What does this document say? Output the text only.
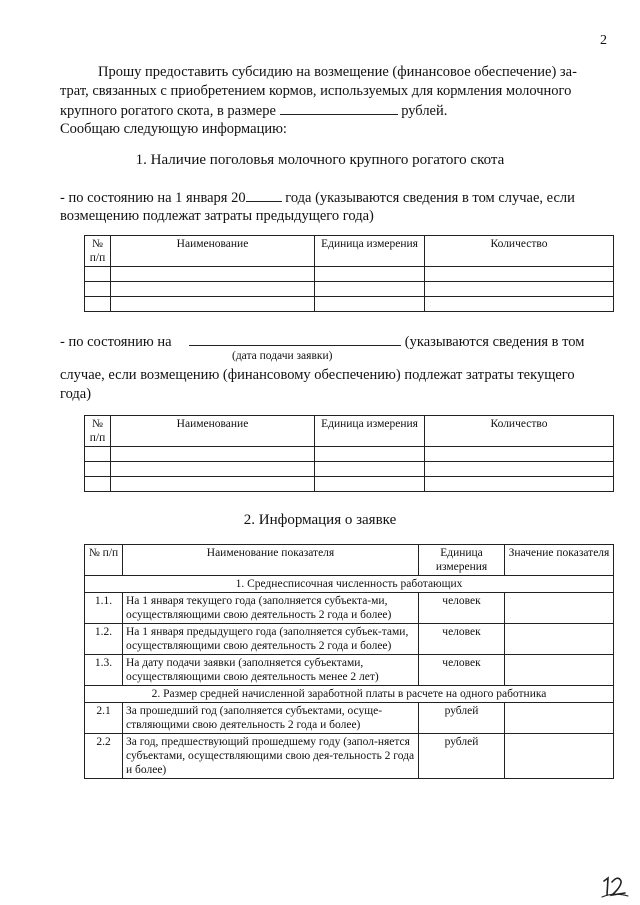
2

Прошу предоставить субсидию на возмещение (финансовое обеспечение) за-

трат, связанных с приобретением кормов, используемых для кормления молочного

крупного рогатого скота, в размере	рублей.

Сообщаю следующую информацию:

1. Наличие поголовья молочного крупного рогатого скота

- по состоянию на 1 января 20	года (указываются сведения в том случае, если

возмещению подлежат затраты предыдущего года)

№ п/п	Наименование	Единица измерения	Количество

- по состоянию на	(указываются сведения в том

(дата подачи заявки)

случае, если возмещению (финансовому обеспечению) подлежат затраты текущего

года)

№ п/п	Наименование	Единица измерения	Количество

2. Информация о заявке
№ п/п	Наименование показателя	Единица измерения	Значение показателя
1. Среднесписочная численность работающих			
1.1.	На 1 января текущего года (заполняется субъекта-ми, осуществляющими свою деятельность 2 года и более)	человек	
1.2.	На 1 января предыдущего года (заполняется субъек-тами, осуществляющими свою деятельность 2 года и более)	человек	
1.3.	На дату подачи заявки (заполняется субъектами, осуществляющими свою деятельность менее 2 лет)	человек	
2. Размер средней начисленной заработной платы в расчете на одного работника			
2.1	За прошедший год (заполняется субъектами, осуще-ствляющими свою деятельность 2 года и более)	рублей	
2.2	За год, предшествующий прошедшему году (запол-няется субъектами, осуществляющими свою дея-тельность 2 года и более)	рублей	
